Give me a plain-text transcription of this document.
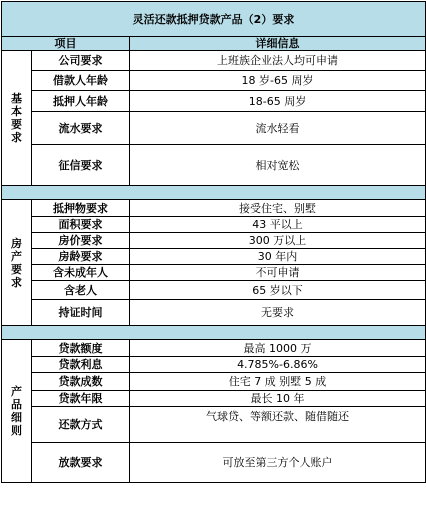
灵活还款抵押贷款产品（2）要求		
项目		详细信息

基
本
要
求	公司要求	上班族企业法人均可申请
	借款人年龄	18 岁-65 周岁
	抵押人年龄	18-65 周岁
	流水要求	流水轻看
	征信要求	相对宽松

房
产
要
求	抵押物要求	接受住宅、别墅
	面积要求	43 平以上
	房价要求	300 万以上
	房龄要求	30 年内
	含未成年人	不可申请
	含老人	65 岁以下
	持证时间	无要求

产
品
细
则	贷款额度	最高 1000 万
	贷款利息	4.785%-6.86%
	贷款成数	住宅 7 成 别墅 5 成
	贷款年限	最长 10 年
	还款方式	气球贷、等额还款、随借随还
	放款要求	可放至第三方个人账户
